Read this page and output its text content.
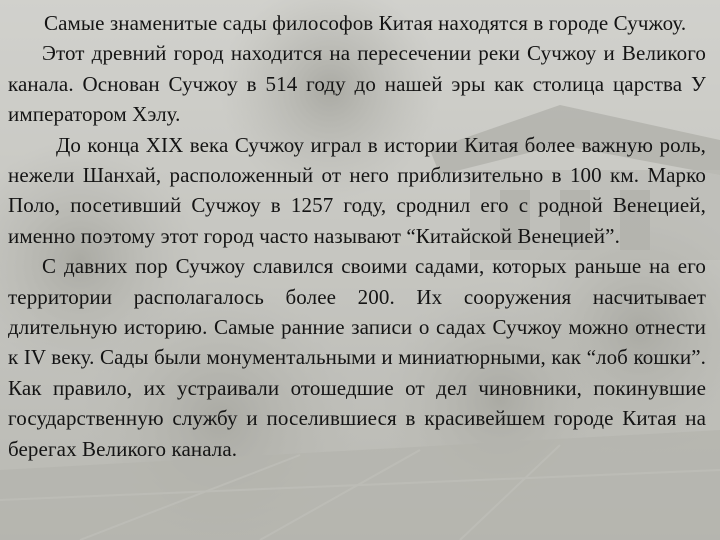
Самые знаменитые сады философов Китая находятся в городе Сучжоу.

Этот древний город находится на пересечении реки Сучжоу и Великого канала. Основан Сучжоу в 514 году до нашей эры как столица царства У императором Хэлу.

До конца XIX века Сучжоу играл в истории Китая более важную роль, нежели Шанхай, расположенный от него приблизительно в 100 км. Марко Поло, посетивший Сучжоу в 1257 году, сроднил его с родной Венецией, именно поэтому этот город часто называют “Китайской Венецией”.

С давних пор Сучжоу славился своими садами, которых раньше на его территории располагалось более 200. Их сооружения насчитывает длительную историю. Самые ранние записи о садах Сучжоу можно отнести к IV веку. Сады были монументальными и миниатюрными, как “лоб кошки”. Как правило, их устраивали отошедшие от дел чиновники, покинувшие государственную службу и поселившиеся в красивейшем городе Китая на берегах Великого канала.
